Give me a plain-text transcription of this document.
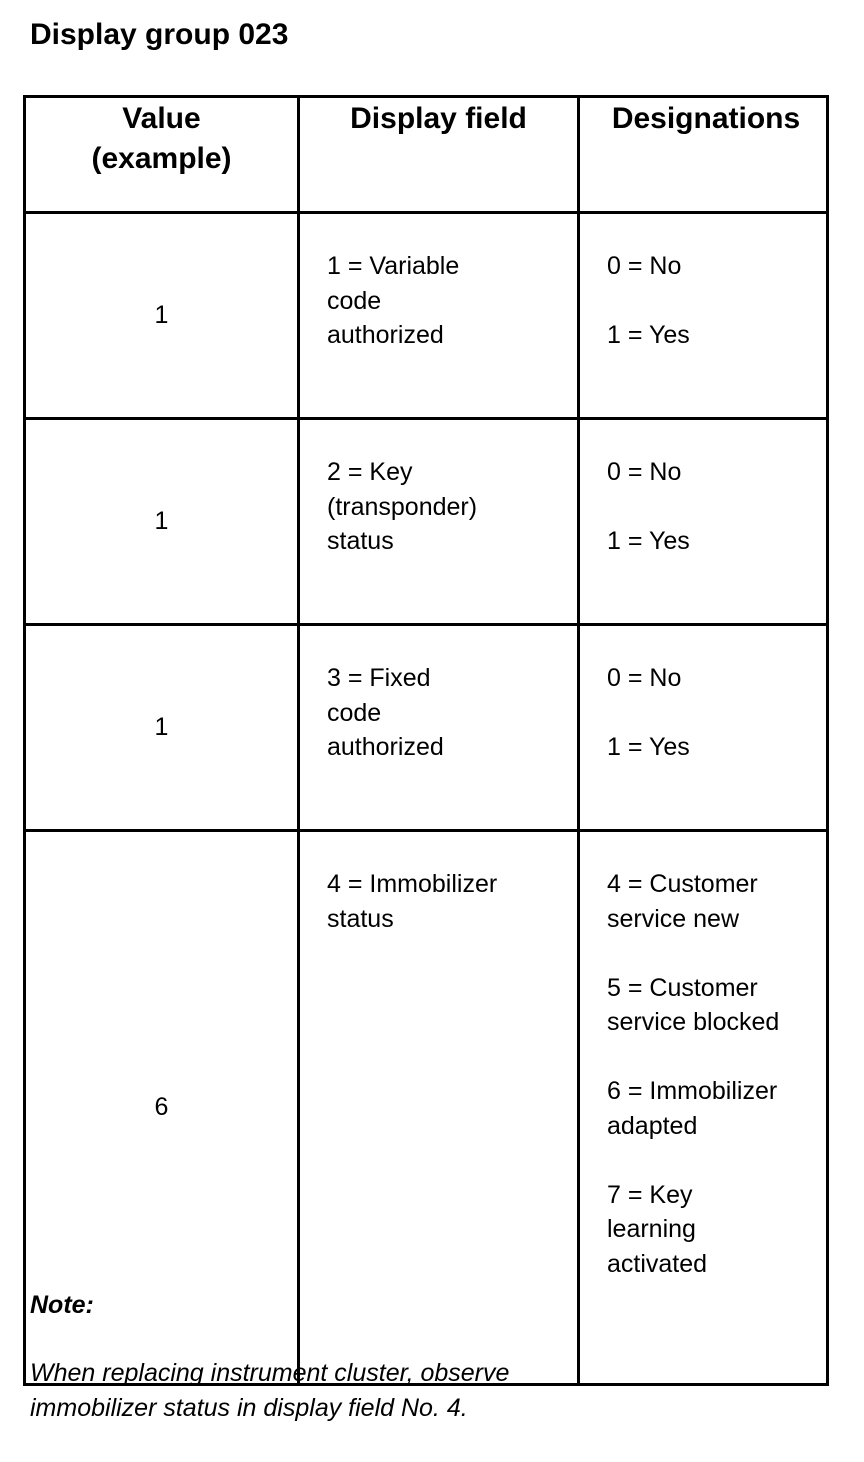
Display group 023
Value (example)	Display field	Designations

1	1 = Variable code authorized	0 = No
1 = Yes

1	2 = Key (transponder) status	0 = No
1 = Yes

1	3 = Fixed code authorized	0 = No
1 = Yes

6	4 = Immobilizer status	4 = Customer service new
5 = Customer service blocked
6 = Immobilizer adapted
7 = Key learning activated
Note:
When replacing instrument cluster, observe immobilizer status in display field No. 4.
